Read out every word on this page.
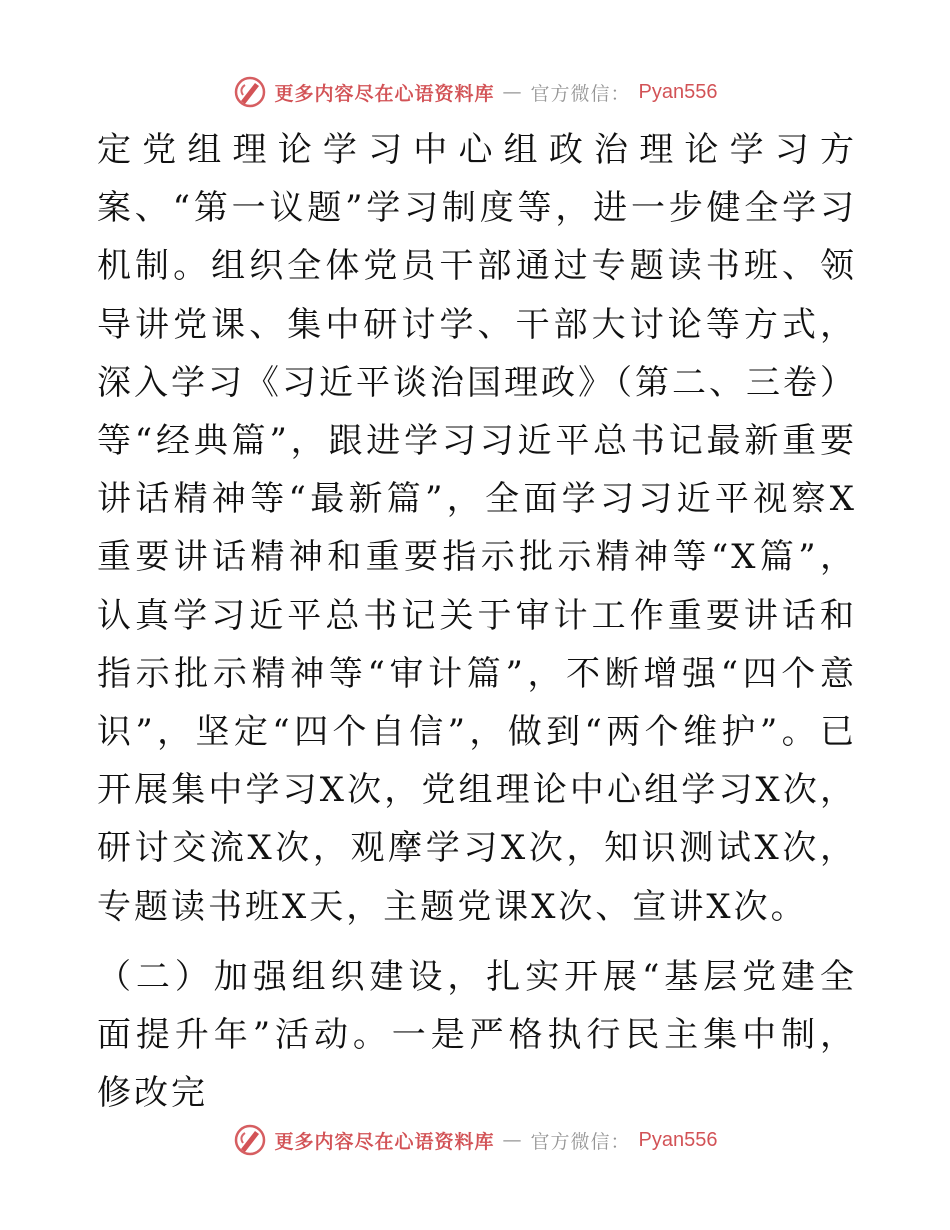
更多内容尽在心语资料库 — 官方微信： Pyan556

定党组理论学习中心组政治理论学习方案、“第一议题”学习制度等，进一步健全学习机制。组织全体党员干部通过专题读书班、领导讲党课、集中研讨学、干部大讨论等方式，深入学习《习近平谈治国理政》（第二、三卷）等“经典篇”，跟进学习习近平总书记最新重要讲话精神等“最新篇”，全面学习习近平视察X重要讲话精神和重要指示批示精神等“X篇”，认真学习近平总书记关于审计工作重要讲话和指示批示精神等“审计篇”，不断增强“四个意识”，坚定“四个自信”，做到“两个维护”。已开展集中学习X次，党组理论中心组学习X次，研讨交流X次，观摩学习X次，知识测试X次，专题读书班X天，主题党课X次、宣讲X次。

（二）加强组织建设，扎实开展“基层党建全面提升年”活动。一是严格执行民主集中制，修改完

更多内容尽在心语资料库 — 官方微信： Pyan556
